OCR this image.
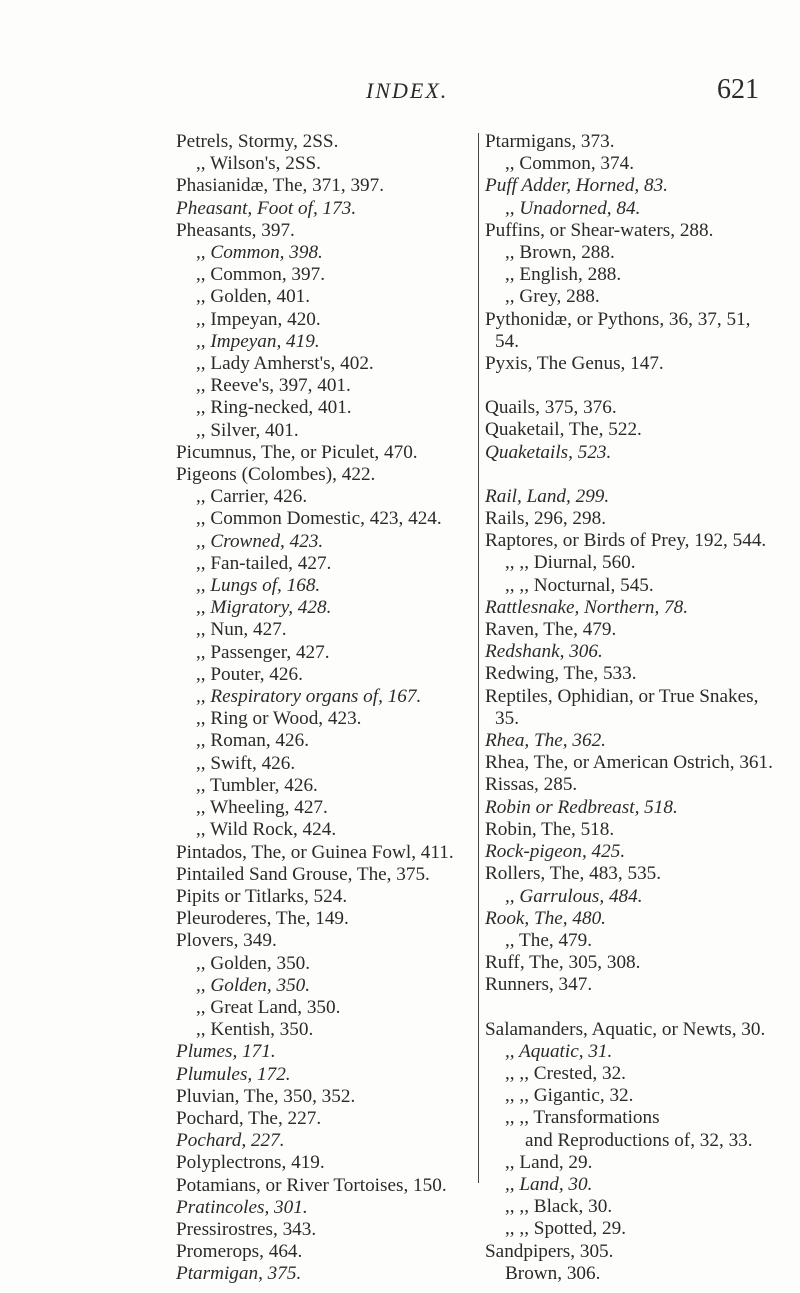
INDEX.	621
Petrels, Stormy, 2SS.
,, Wilson's, 2SS.
Phasianidæ, The, 371, 397.
Pheasant, Foot of, 173.
Pheasants, 397.
,, Common, 398.
,, Common, 397.
,, Golden, 401.
,, Impeyan, 420.
,, Impeyan, 419.
,, Lady Amherst's, 402.
,, Reeve's, 397, 401.
,, Ring-necked, 401.
,, Silver, 401.
Picumnus, The, or Piculet, 470.
Pigeons (Colombes), 422.
,, Carrier, 426.
,, Common Domestic, 423, 424.
,, Crowned, 423.
,, Fan-tailed, 427.
,, Lungs of, 168.
,, Migratory, 428.
,, Nun, 427.
,, Passenger, 427.
,, Pouter, 426.
,, Respiratory organs of, 167.
,, Ring or Wood, 423.
,, Roman, 426.
,, Swift, 426.
,, Tumbler, 426.
,, Wheeling, 427.
,, Wild Rock, 424.
Pintados, The, or Guinea Fowl, 411.
Pintailed Sand Grouse, The, 375.
Pipits or Titlarks, 524.
Pleuroderes, The, 149.
Plovers, 349.
,, Golden, 350.
,, Golden, 350.
,, Great Land, 350.
,, Kentish, 350.
Plumes, 171.
Plumules, 172.
Pluvian, The, 350, 352.
Pochard, The, 227.
Pochard, 227.
Polyplectrons, 419.
Potamians, or River Tortoises, 150.
Pratincoles, 301.
Pressirostres, 343.
Promerops, 464.
Ptarmigan, 375.
Ptarmigans, 373.
,, Common, 374.
Puff Adder, Horned, 83.
,, Unadorned, 84.
Puffins, or Shear-waters, 288.
,, Brown, 288.
,, English, 288.
,, Grey, 288.
Pythonidæ, or Pythons, 36, 37, 51,
54.
Pyxis, The Genus, 147.
Quails, 375, 376.
Quaketail, The, 522.
Quaketails, 523.
Rail, Land, 299.
Rails, 296, 298.
Raptores, or Birds of Prey, 192, 544.
,, ,, Diurnal, 560.
,, ,, Nocturnal, 545.
Rattlesnake, Northern, 78.
Raven, The, 479.
Redshank, 306.
Redwing, The, 533.
Reptiles, Ophidian, or True Snakes,
35.
Rhea, The, 362.
Rhea, The, or American Ostrich, 361.
Rissas, 285.
Robin or Redbreast, 518.
Robin, The, 518.
Rock-pigeon, 425.
Rollers, The, 483, 535.
,, Garrulous, 484.
Rook, The, 480.
,, The, 479.
Ruff, The, 305, 308.
Runners, 347.
Salamanders, Aquatic, or Newts, 30.
,, Aquatic, 31.
,, ,, Crested, 32.
,, ,, Gigantic, 32.
,, ,, Transformations
and Reproductions of, 32, 33.
,, Land, 29.
,, Land, 30.
,, ,, Black, 30.
,, ,, Spotted, 29.
Sandpipers, 305.
Brown, 306.
